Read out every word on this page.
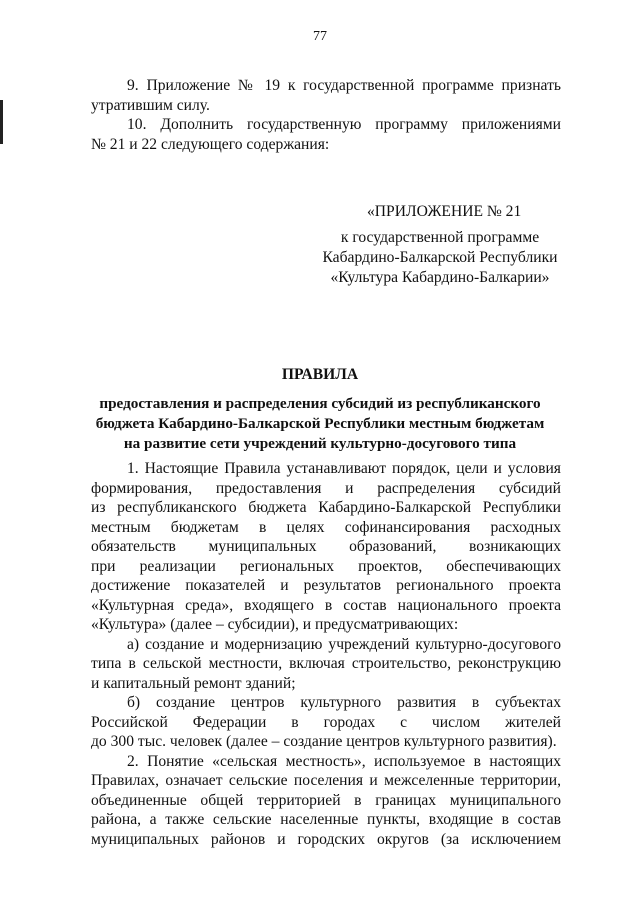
77
9. Приложение № 19 к государственной программе признать
утратившим силу.
10. Дополнить государственную программу приложениями
№ 21 и 22 следующего содержания:
«ПРИЛОЖЕНИЕ № 21
к государственной программе
Кабардино-Балкарской Республики
«Культура Кабардино-Балкарии»
ПРАВИЛА
предоставления и распределения субсидий из республиканского
бюджета Кабардино-Балкарской Республики местным бюджетам
на развитие сети учреждений культурно-досугового типа
1. Настоящие Правила устанавливают порядок, цели и условия
формирования, предоставления и распределения субсидий
из республиканского бюджета Кабардино-Балкарской Республики
местным бюджетам в целях софинансирования расходных
обязательств муниципальных образований, возникающих
при реализации региональных проектов, обеспечивающих
достижение показателей и результатов регионального проекта
«Культурная среда», входящего в состав национального проекта
«Культура» (далее – субсидии), и предусматривающих:
а) создание и модернизацию учреждений культурно-досугового
типа в сельской местности, включая строительство, реконструкцию
и капитальный ремонт зданий;
б) создание центров культурного развития в субъектах
Российской Федерации в городах с числом жителей
до 300 тыс. человек (далее – создание центров культурного развития).
2. Понятие «сельская местность», используемое в настоящих
Правилах, означает сельские поселения и межселенные территории,
объединенные общей территорией в границах муниципального
района, а также сельские населенные пункты, входящие в состав
муниципальных районов и городских округов (за исключением
